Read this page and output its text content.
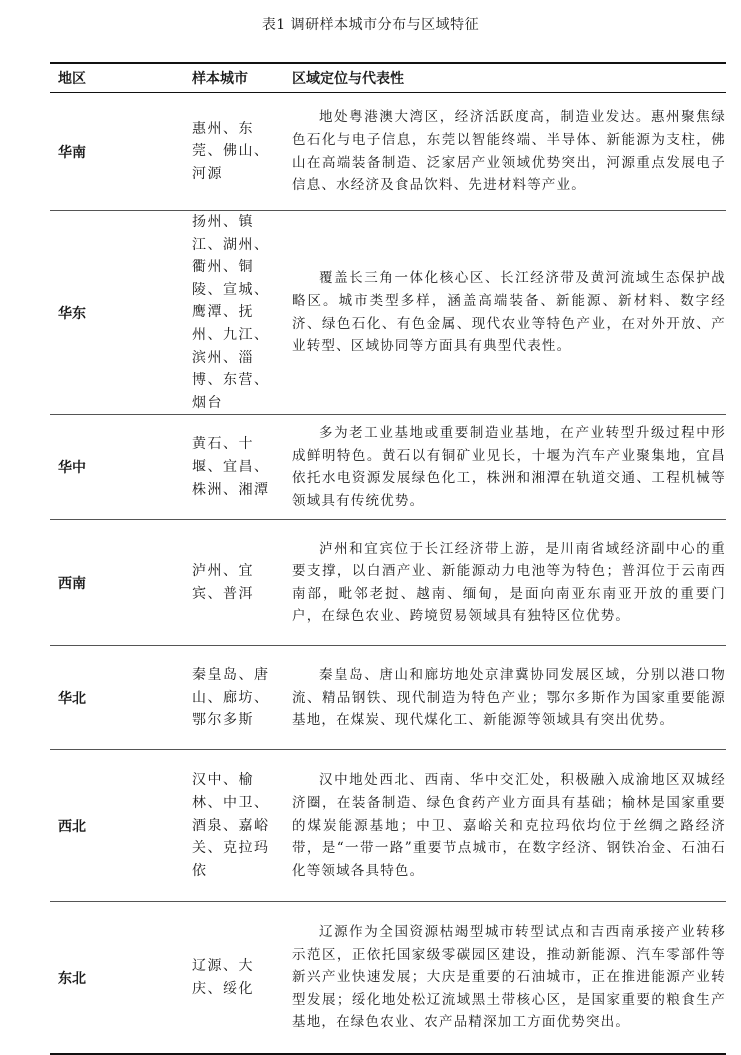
表1 调研样本城市分布与区域特征
地区	样本城市	区域定位与代表性
华南	惠州、东莞、佛山、河源	地处粤港澳大湾区，经济活跃度高，制造业发达。惠州聚焦绿色石化与电子信息，东莞以智能终端、半导体、新能源为支柱，佛山在高端装备制造、泛家居产业领域优势突出，河源重点发展电子信息、水经济及食品饮料、先进材料等产业。
华东	扬州、镇江、湖州、衢州、铜陵、宣城、鹰潭、抚州、九江、滨州、淄博、东营、烟台	覆盖长三角一体化核心区、长江经济带及黄河流域生态保护战略区。城市类型多样，涵盖高端装备、新能源、新材料、数字经济、绿色石化、有色金属、现代农业等特色产业，在对外开放、产业转型、区域协同等方面具有典型代表性。
华中	黄石、十堰、宜昌、株洲、湘潭	多为老工业基地或重要制造业基地，在产业转型升级过程中形成鲜明特色。黄石以有铜矿业见长，十堰为汽车产业聚集地，宜昌依托水电资源发展绿色化工，株洲和湘潭在轨道交通、工程机械等领域具有传统优势。
西南	泸州、宜宾、普洱	泸州和宜宾位于长江经济带上游，是川南省域经济副中心的重要支撑，以白酒产业、新能源动力电池等为特色；普洱位于云南西南部，毗邻老挝、越南、缅甸，是面向南亚东南亚开放的重要门户，在绿色农业、跨境贸易领域具有独特区位优势。
华北	秦皇岛、唐山、廊坊、鄂尔多斯	秦皇岛、唐山和廊坊地处京津冀协同发展区域，分别以港口物流、精品钢铁、现代制造为特色产业；鄂尔多斯作为国家重要能源基地，在煤炭、现代煤化工、新能源等领域具有突出优势。
西北	汉中、榆林、中卫、酒泉、嘉峪关、克拉玛依	汉中地处西北、西南、华中交汇处，积极融入成渝地区双城经济圈，在装备制造、绿色食药产业方面具有基础；榆林是国家重要的煤炭能源基地；中卫、嘉峪关和克拉玛依均位于丝绸之路经济带，是“一带一路”重要节点城市，在数字经济、钢铁冶金、石油石化等领域各具特色。
东北	辽源、大庆、绥化	辽源作为全国资源枯竭型城市转型试点和吉西南承接产业转移示范区，正依托国家级零碳园区建设，推动新能源、汽车零部件等新兴产业快速发展；大庆是重要的石油城市，正在推进能源产业转型发展；绥化地处松辽流域黑土带核心区，是国家重要的粮食生产基地，在绿色农业、农产品精深加工方面优势突出。
